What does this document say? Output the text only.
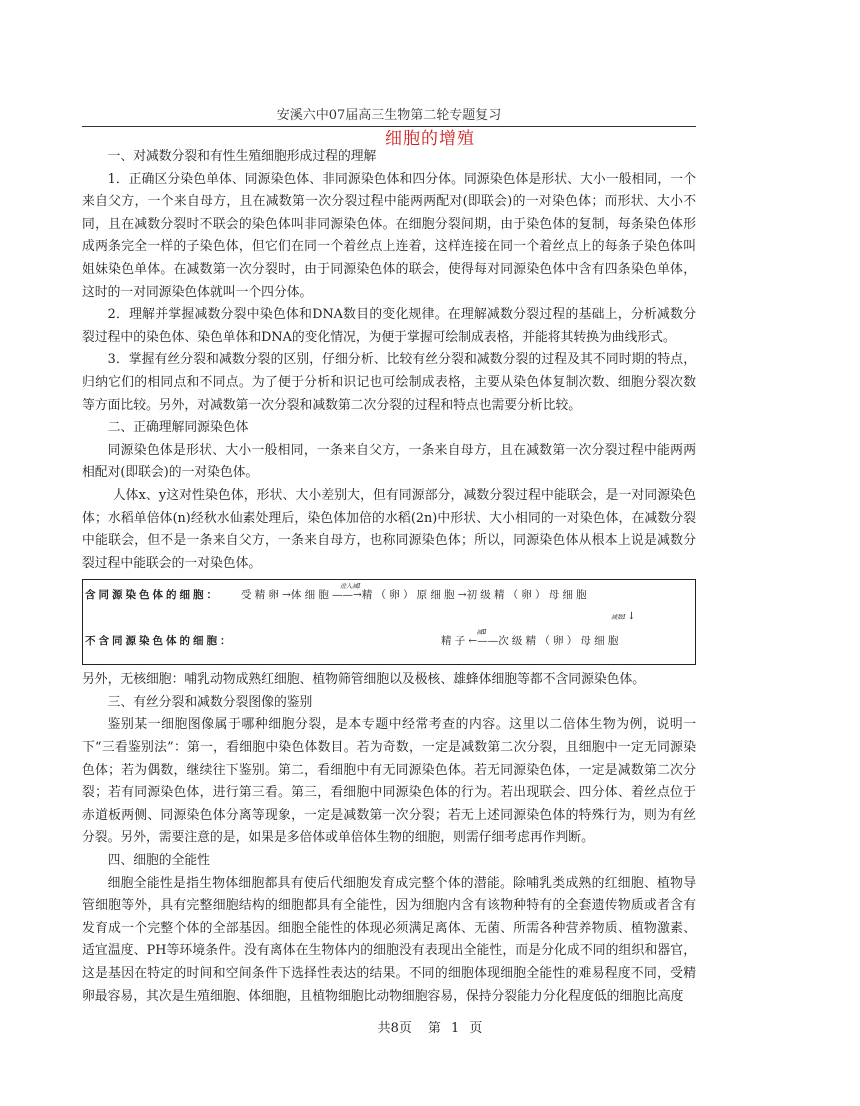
安溪六中07届高三生物第二轮专题复习
细胞的增殖

一、对减数分裂和有性生殖细胞形成过程的理解

1．正确区分染色单体、同源染色体、非同源染色体和四分体。同源染色体是形状、大小一般相同，一个来自父方，一个来自母方，且在减数第一次分裂过程中能两两配对(即联会)的一对染色体；而形状、大小不同，且在减数分裂时不联会的染色体叫非同源染色体。在细胞分裂间期，由于染色体的复制，每条染色体形成两条完全一样的子染色体，但它们在同一个着丝点上连着，这样连接在同一个着丝点上的每条子染色体叫姐妹染色单体。在减数第一次分裂时，由于同源染色体的联会，使得每对同源染色体中含有四条染色单体，这时的一对同源染色体就叫一个四分体。

2．理解并掌握减数分裂中染色体和DNA数目的变化规律。在理解减数分裂过程的基础上，分析减数分裂过程中的染色体、染色单体和DNA的变化情况，为便于掌握可绘制成表格，并能将其转换为曲线形式。

3．掌握有丝分裂和减数分裂的区别，仔细分析、比较有丝分裂和减数分裂的过程及其不同时期的特点，归纳它们的相同点和不同点。为了便于分析和识记也可绘制成表格，主要从染色体复制次数、细胞分裂次数等方面比较。另外，对减数第一次分裂和减数第二次分裂的过程和特点也需要分析比较。

二、正确理解同源染色体

同源染色体是形状、大小一般相同，一条来自父方，一条来自母方，且在减数第一次分裂过程中能两两相配对(即联会)的一对染色体。

人体x、y这对性染色体，形状、大小差别大，但有同源部分，减数分裂过程中能联会，是一对同源染色体；水稻单倍体(n)经秋水仙素处理后，染色体加倍的水稻(2n)中形状、大小相同的一对染色体，在减数分裂中能联会，但不是一条来自父方，一条来自母方，也称同源染色体；所以，同源染色体从根本上说是减数分裂过程中能联会的一对染色体。

含同源染色体的细胞： 受精卵→体细胞——
进入减Ⅰ
→精（卵）原细胞→初级精（卵）母细胞
减数Ⅰ ↓
不含同源染色体的细胞：	精子←—
减Ⅱ
—次级精（卵）母细胞

另外，无核细胞：哺乳动物成熟红细胞、植物筛管细胞以及极核、雄蜂体细胞等都不含同源染色体。

三、有丝分裂和减数分裂图像的鉴别

鉴别某一细胞图像属于哪种细胞分裂，是本专题中经常考查的内容。这里以二倍体生物为例，说明一下“三看鉴别法”：第一，看细胞中染色体数目。若为奇数，一定是减数第二次分裂，且细胞中一定无同源染色体；若为偶数，继续往下鉴别。第二，看细胞中有无同源染色体。若无同源染色体，一定是减数第二次分裂；若有同源染色体，进行第三看。第三，看细胞中同源染色体的行为。若出现联会、四分体、着丝点位于赤道板两侧、同源染色体分离等现象，一定是减数第一次分裂；若无上述同源染色体的特殊行为，则为有丝分裂。另外，需要注意的是，如果是多倍体或单倍体生物的细胞，则需仔细考虑再作判断。

四、细胞的全能性

细胞全能性是指生物体细胞都具有使后代细胞发育成完整个体的潜能。除哺乳类成熟的红细胞、植物导管细胞等外，具有完整细胞结构的细胞都具有全能性，因为细胞内含有该物种特有的全套遗传物质或者含有发育成一个完整个体的全部基因。细胞全能性的体现必须满足离体、无菌、所需各种营养物质、植物激素、适宜温度、PH等环境条件。没有离体在生物体内的细胞没有表现出全能性，而是分化成不同的组织和器官，这是基因在特定的时间和空间条件下选择性表达的结果。不同的细胞体现细胞全能性的难易程度不同，受精卵最容易，其次是生殖细胞、体细胞，且植物细胞比动物细胞容易，保持分裂能力分化程度低的细胞比高度

共8页 第 1 页
